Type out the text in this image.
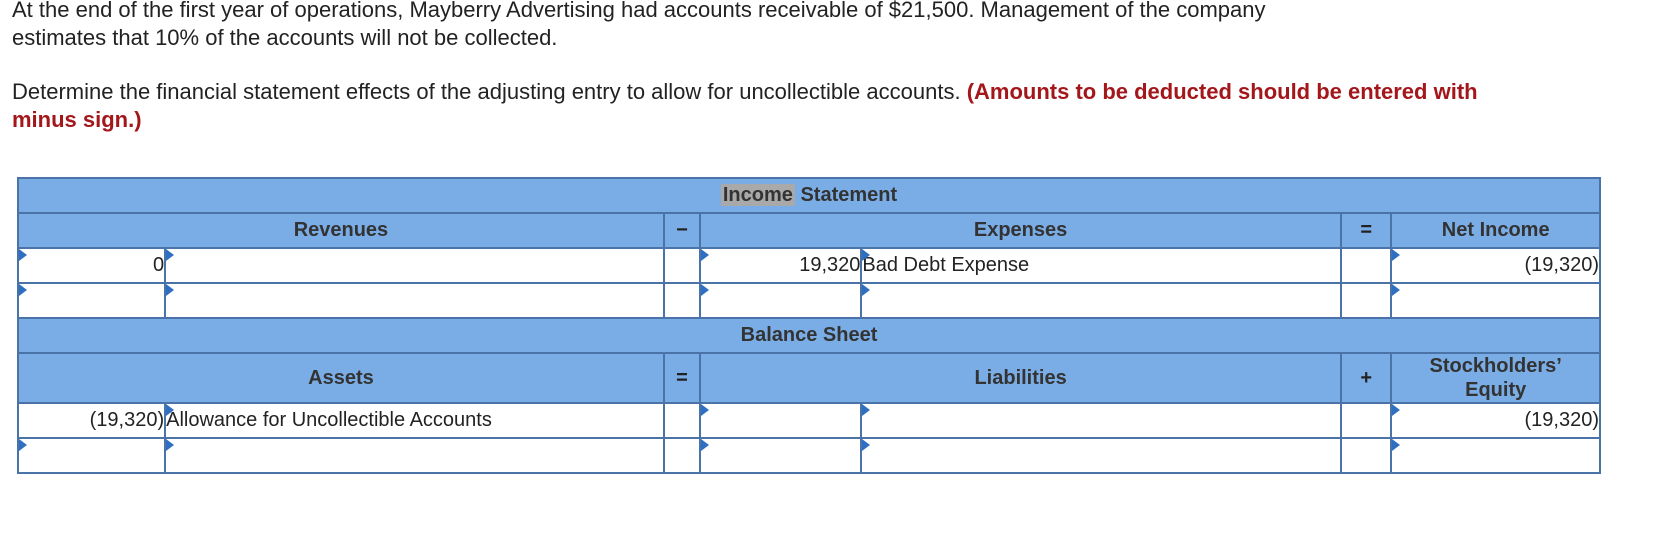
At the end of the first year of operations, Mayberry Advertising had accounts receivable of $21,500. Management of the company
estimates that 10% of the accounts will not be collected.

Determine the financial statement effects of the adjusting entry to allow for uncollectible accounts. (Amounts to be deducted should be entered with minus sign.)

Income Statement						
Revenues		−	Expenses		=	Net Income

0			19,320	Bad Debt Expense		(19,320)

Balance Sheet						
Assets		=	Liabilities		+	Stockholders’
Equity
(19,320)	Allowance for Uncollectible Accounts					(19,320)
